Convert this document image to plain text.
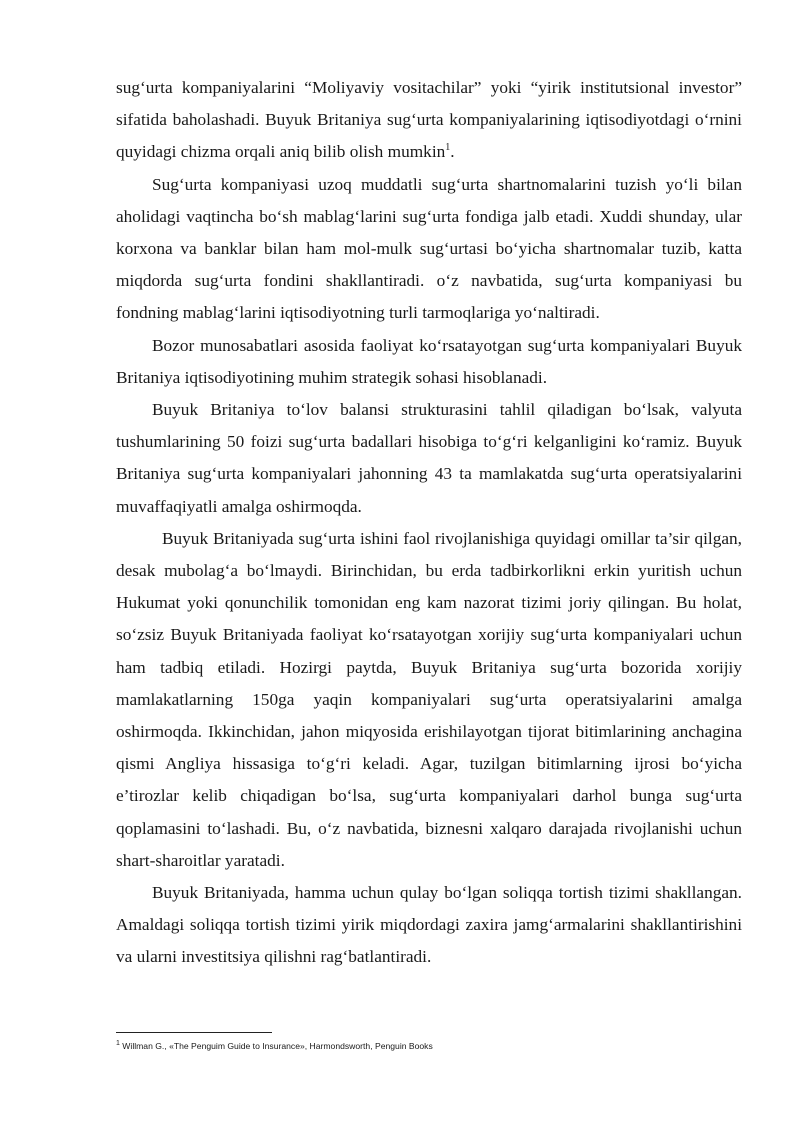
sug‘urta kompaniyalarini “Moliyaviy vositachilar” yoki “yirik institutsional investor” sifatida baholashadi. Buyuk Britaniya sug‘urta kompaniyalarining iqtisodiyotdagi o‘rnini quyidagi chizma orqali aniq bilib olish mumkin$^1$.

Sug‘urta kompaniyasi uzoq muddatli sug‘urta shartnomalarini tuzish yo‘li bilan aholidagi vaqtincha bo‘sh mablag‘larini sug‘urta fondiga jalb etadi. Xuddi shunday, ular korxona va banklar bilan ham mol-mulk sug‘urtasi bo‘yicha shartnomalar tuzib, katta miqdorda sug‘urta fondini shakllantiradi. o‘z navbatida, sug‘urta kompaniyasi bu fondning mablag‘larini iqtisodiyotning turli tarmoqlariga yo‘naltiradi.

Bozor munosabatlari asosida faoliyat ko‘rsatayotgan sug‘urta kompaniyalari Buyuk Britaniya iqtisodiyotining muhim strategik sohasi hisoblanadi.

Buyuk Britaniya to‘lov balansi strukturasini tahlil qiladigan bo‘lsak, valyuta tushumlarining 50 foizi sug‘urta badallari hisobiga to‘g‘ri kelganligini ko‘ramiz. Buyuk Britaniya sug‘urta kompaniyalari jahonning 43 ta mamlakatda sug‘urta operatsiyalarini muvaffaqiyatli amalga oshirmoqda.

Buyuk Britaniyada sug‘urta ishini faol rivojlanishiga quyidagi omillar ta’sir qilgan, desak mubolag‘a bo‘lmaydi. Birinchidan, bu erda tadbirkorlikni erkin yuritish uchun Hukumat yoki qonunchilik tomonidan eng kam nazorat tizimi joriy qilingan. Bu holat, so‘zsiz Buyuk Britaniyada faoliyat ko‘rsatayotgan xorijiy sug‘urta kompaniyalari uchun ham tadbiq etiladi. Hozirgi paytda, Buyuk Britaniya sug‘urta bozorida xorijiy mamlakatlarning 150ga yaqin kompaniyalari sug‘urta operatsiyalarini amalga oshirmoqda. Ikkinchidan, jahon miqyosida erishilayotgan tijorat bitimlarining anchagina qismi Angliya hissasiga to‘g‘ri keladi. Agar, tuzilgan bitimlarning ijrosi bo‘yicha e’tirozlar kelib chiqadigan bo‘lsa, sug‘urta kompaniyalari darhol bunga sug‘urta qoplamasini to‘lashadi. Bu, o‘z navbatida, biznesni xalqaro darajada rivojlanishi uchun shart-sharoitlar yaratadi.

Buyuk Britaniyada, hamma uchun qulay bo‘lgan soliqqa tortish tizimi shakllangan. Amaldagi soliqqa tortish tizimi yirik miqdordagi zaxira jamg‘armalarini shakllantirishini va ularni investitsiya qilishni rag‘batlantiradi.

$^1$ Willman G., «The Penguim Guide to Insurance», Harmondsworth, Penguin Books
